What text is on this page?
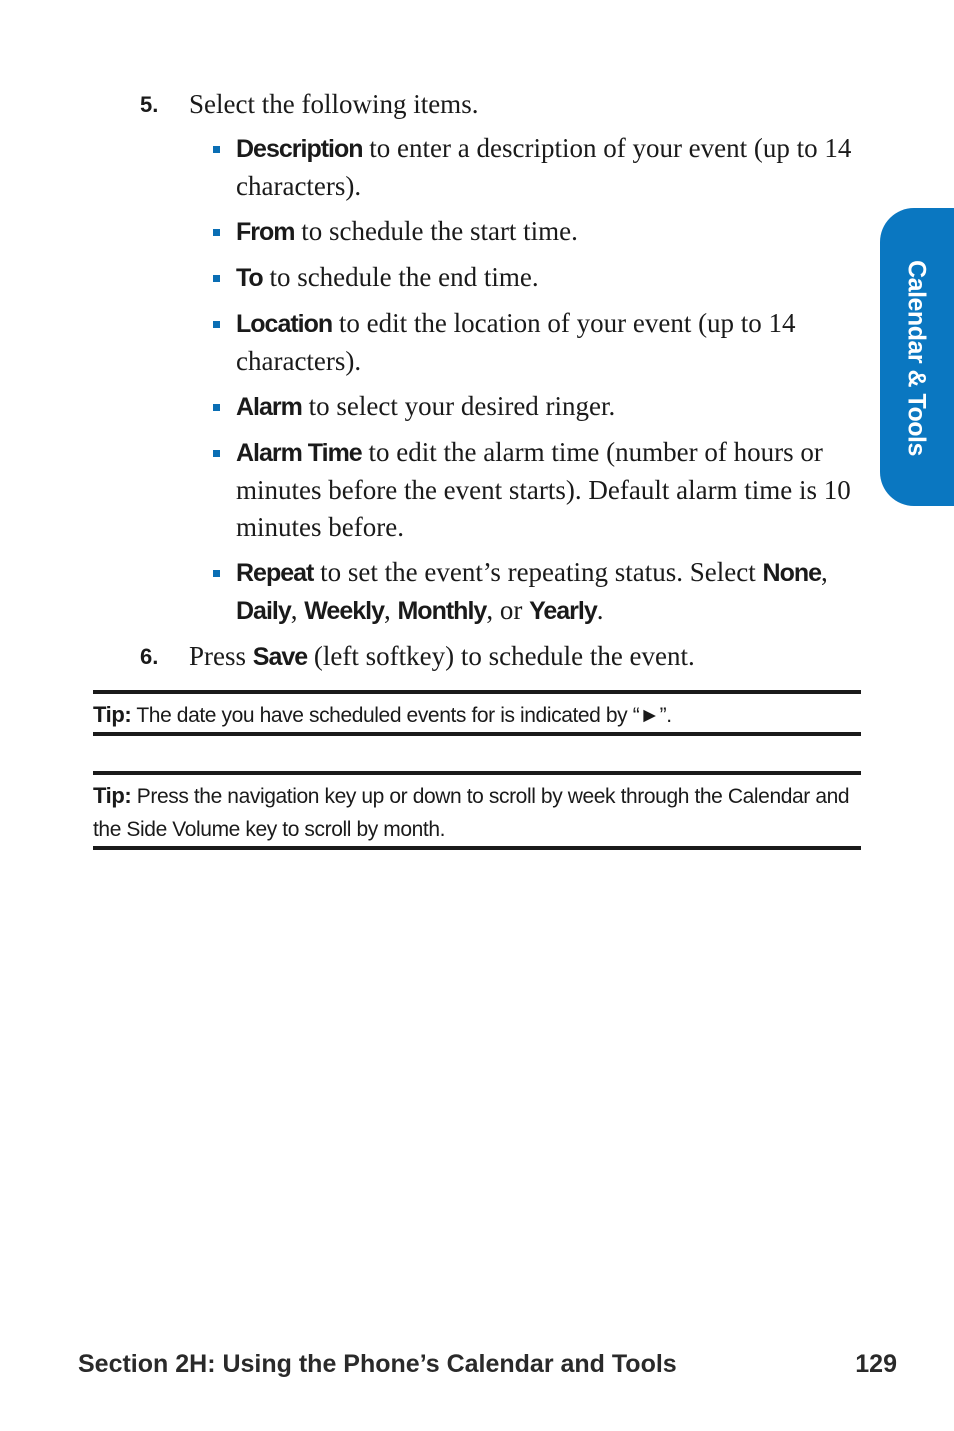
Calendar & Tools
5. Select the following items.
Description to enter a description of your event (up to 14 characters).
From to schedule the start time.
To to schedule the end time.
Location to edit the location of your event (up to 14 characters).
Alarm to select your desired ringer.
Alarm Time to edit the alarm time (number of hours or minutes before the event starts). Default alarm time is 10 minutes before.
Repeat to set the event’s repeating status. Select None, Daily, Weekly, Monthly, or Yearly.
6. Press Save (left softkey) to schedule the event.
Tip: The date you have scheduled events for is indicated by “►”.
Tip: Press the navigation key up or down to scroll by week through the Calendar and the Side Volume key to scroll by month.
Section 2H: Using the Phone’s Calendar and Tools	129
